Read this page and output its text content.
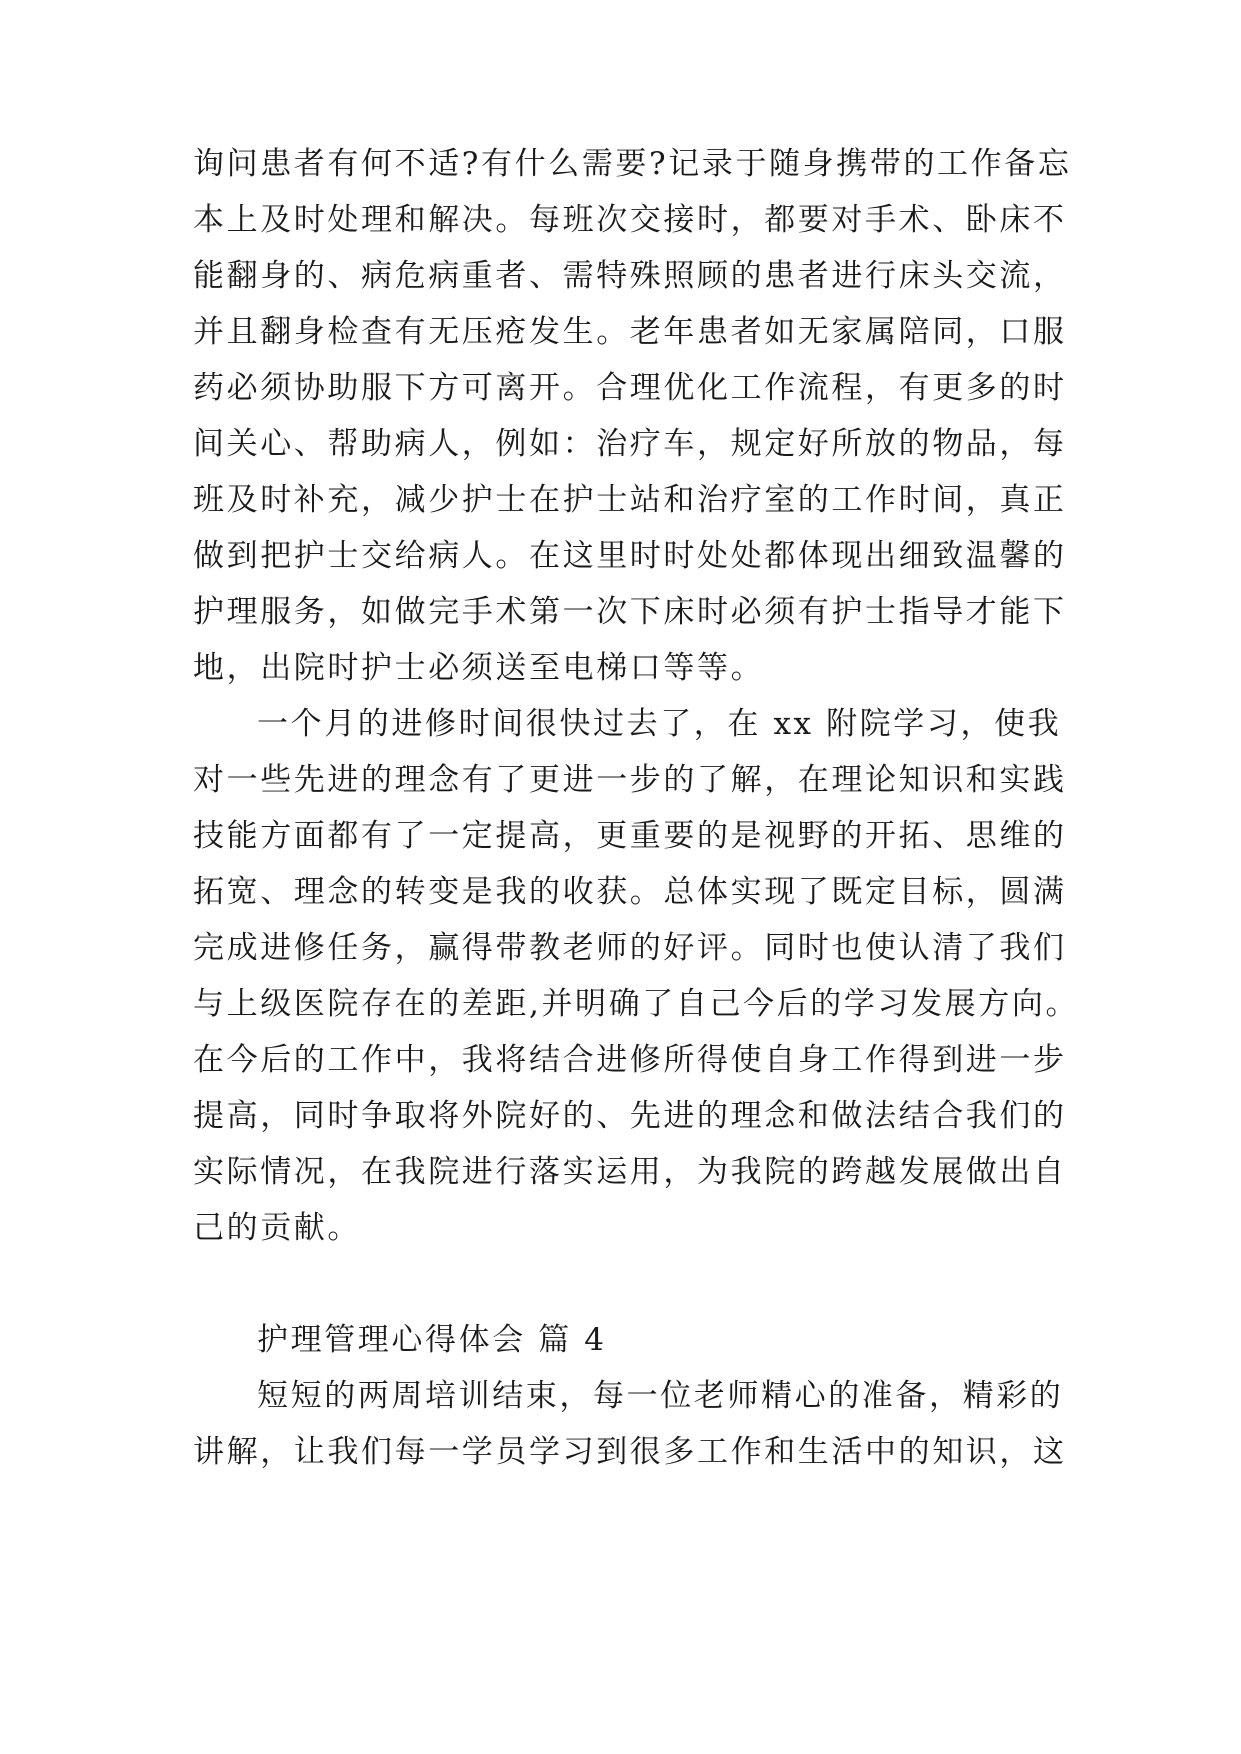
询问患者有何不适?有什么需要?记录于随身携带的工作备忘
本上及时处理和解决。每班次交接时，都要对手术、卧床不
能翻身的、病危病重者、需特殊照顾的患者进行床头交流，
并且翻身检查有无压疮发生。老年患者如无家属陪同，口服
药必须协助服下方可离开。合理优化工作流程，有更多的时
间关心、帮助病人，例如：治疗车，规定好所放的物品，每
班及时补充，减少护士在护士站和治疗室的工作时间，真正
做到把护士交给病人。在这里时时处处都体现出细致温馨的
护理服务，如做完手术第一次下床时必须有护士指导才能下
地，出院时护士必须送至电梯口等等。
一个月的进修时间很快过去了，在 xx 附院学习，使我
对一些先进的理念有了更进一步的了解，在理论知识和实践
技能方面都有了一定提高，更重要的是视野的开拓、思维的
拓宽、理念的转变是我的收获。总体实现了既定目标，圆满
完成进修任务，赢得带教老师的好评。同时也使认清了我们
与上级医院存在的差距,并明确了自己今后的学习发展方向。
在今后的工作中，我将结合进修所得使自身工作得到进一步
提高，同时争取将外院好的、先进的理念和做法结合我们的
实际情况，在我院进行落实运用，为我院的跨越发展做出自
己的贡献。
护理管理心得体会 篇 4
短短的两周培训结束，每一位老师精心的准备，精彩的
讲解，让我们每一学员学习到很多工作和生活中的知识，这
